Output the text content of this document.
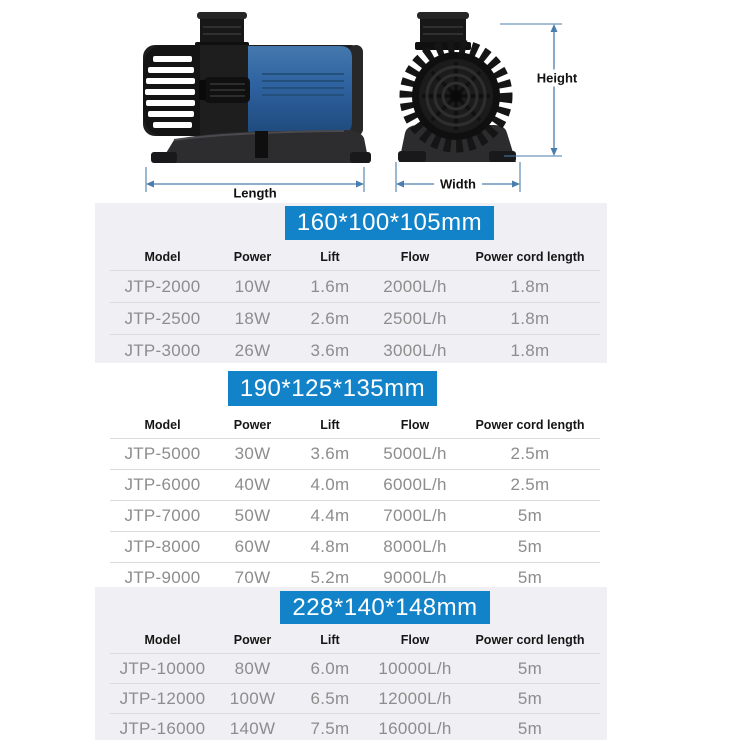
Length
Width
Height
160*100*105mm
Model	Power	Lift	Flow	Power cord length
JTP-2000	10W	1.6m	2000L/h	1.8m
JTP-2500	18W	2.6m	2500L/h	1.8m
JTP-3000	26W	3.6m	3000L/h	1.8m
190*125*135mm
Model	Power	Lift	Flow	Power cord length
JTP-5000	30W	3.6m	5000L/h	2.5m
JTP-6000	40W	4.0m	6000L/h	2.5m
JTP-7000	50W	4.4m	7000L/h	5m
JTP-8000	60W	4.8m	8000L/h	5m
JTP-9000	70W	5.2m	9000L/h	5m
228*140*148mm
Model	Power	Lift	Flow	Power cord length
JTP-10000	80W	6.0m	10000L/h	5m
JTP-12000	100W	6.5m	12000L/h	5m
JTP-16000	140W	7.5m	16000L/h	5m
